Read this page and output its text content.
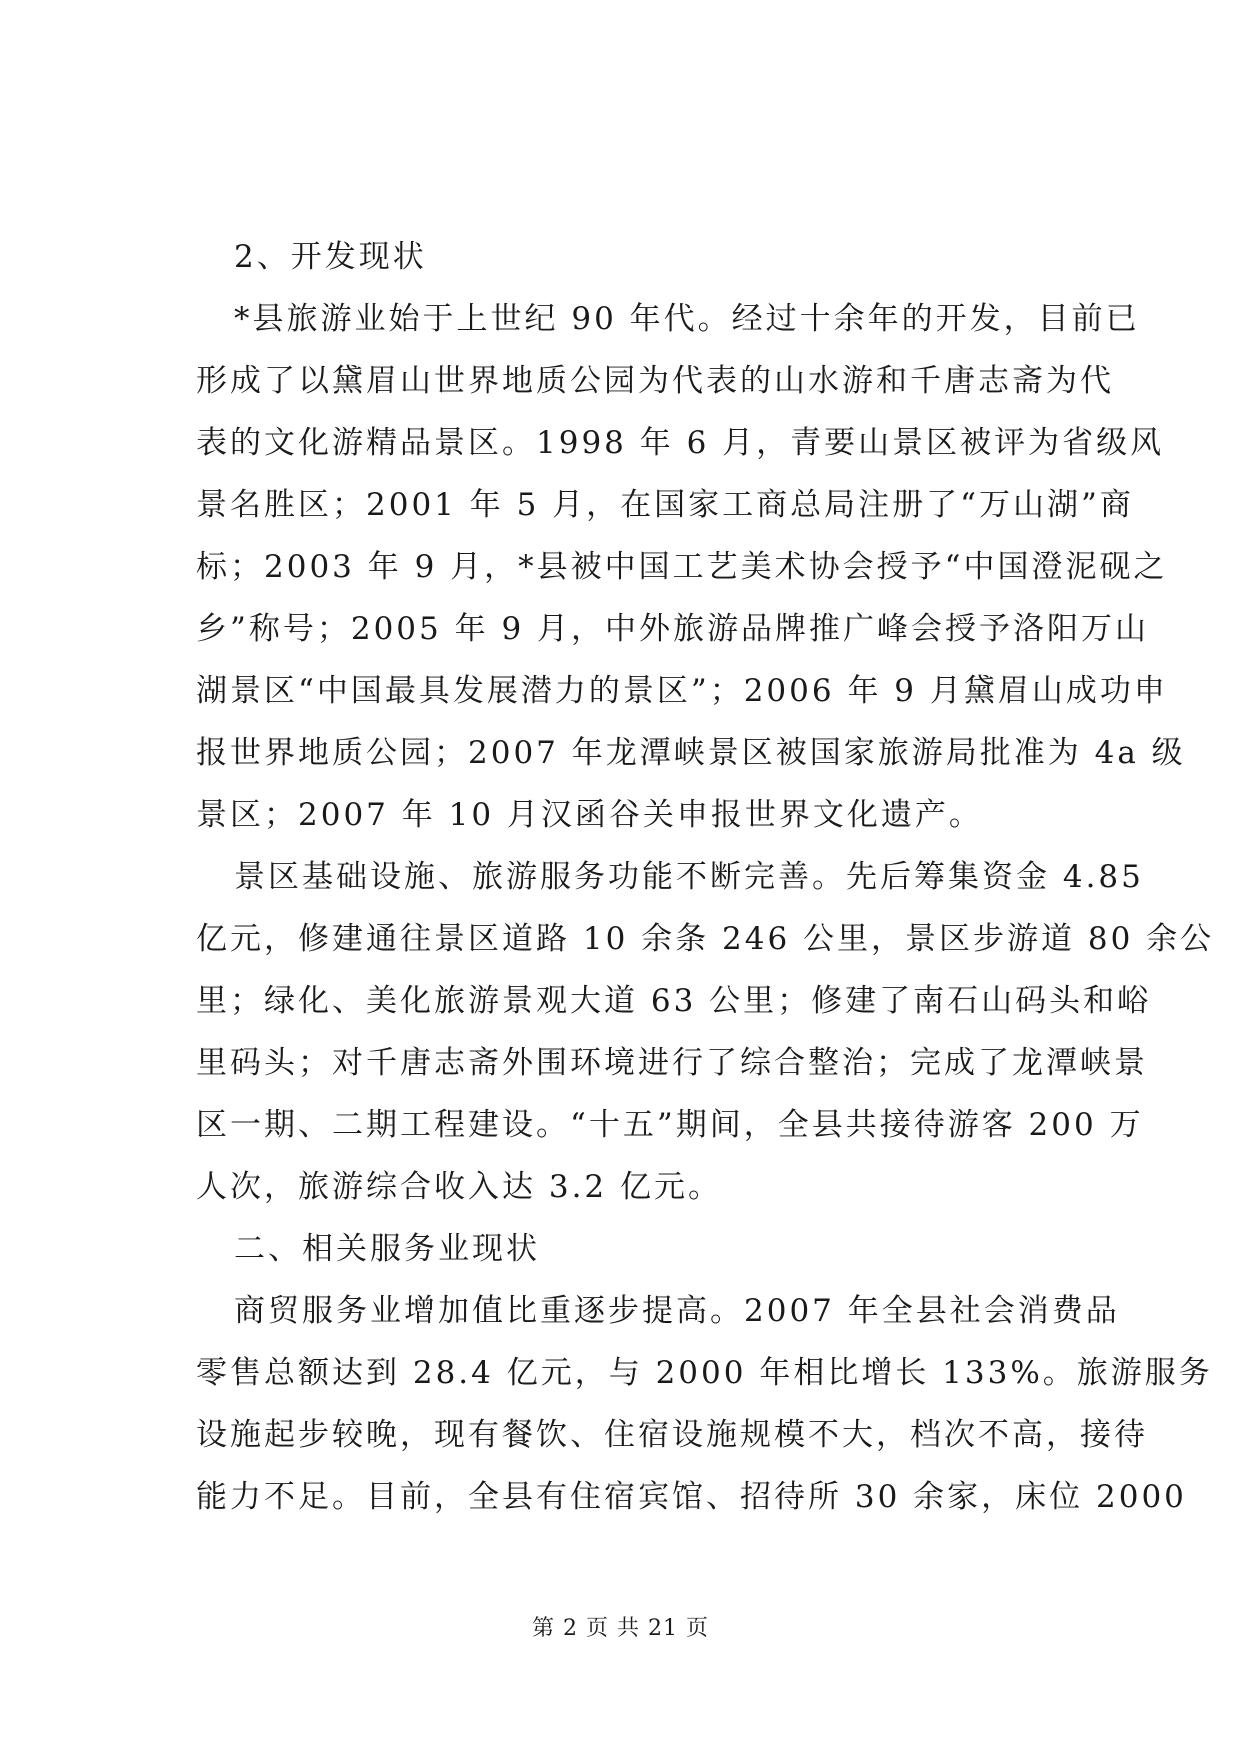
2、开发现状
*县旅游业始于上世纪 90 年代。经过十余年的开发，目前已
形成了以黛眉山世界地质公园为代表的山水游和千唐志斋为代
表的文化游精品景区。1998 年 6 月，青要山景区被评为省级风
景名胜区；2001 年 5 月，在国家工商总局注册了“万山湖”商
标；2003 年 9 月，*县被中国工艺美术协会授予“中国澄泥砚之
乡”称号；2005 年 9 月，中外旅游品牌推广峰会授予洛阳万山
湖景区“中国最具发展潜力的景区”；2006 年 9 月黛眉山成功申
报世界地质公园；2007 年龙潭峡景区被国家旅游局批准为 4a 级
景区；2007 年 10 月汉函谷关申报世界文化遗产。
景区基础设施、旅游服务功能不断完善。先后筹集资金 4.85
亿元，修建通往景区道路 10 余条 246 公里，景区步游道 80 余公
里；绿化、美化旅游景观大道 63 公里；修建了南石山码头和峪
里码头；对千唐志斋外围环境进行了综合整治；完成了龙潭峡景
区一期、二期工程建设。“十五”期间，全县共接待游客 200 万
人次，旅游综合收入达 3.2 亿元。
二、相关服务业现状
商贸服务业增加值比重逐步提高。2007 年全县社会消费品
零售总额达到 28.4 亿元，与 2000 年相比增长 133%。旅游服务
设施起步较晚，现有餐饮、住宿设施规模不大，档次不高，接待
能力不足。目前，全县有住宿宾馆、招待所 30 余家，床位 2000
第 2 页 共 21 页
